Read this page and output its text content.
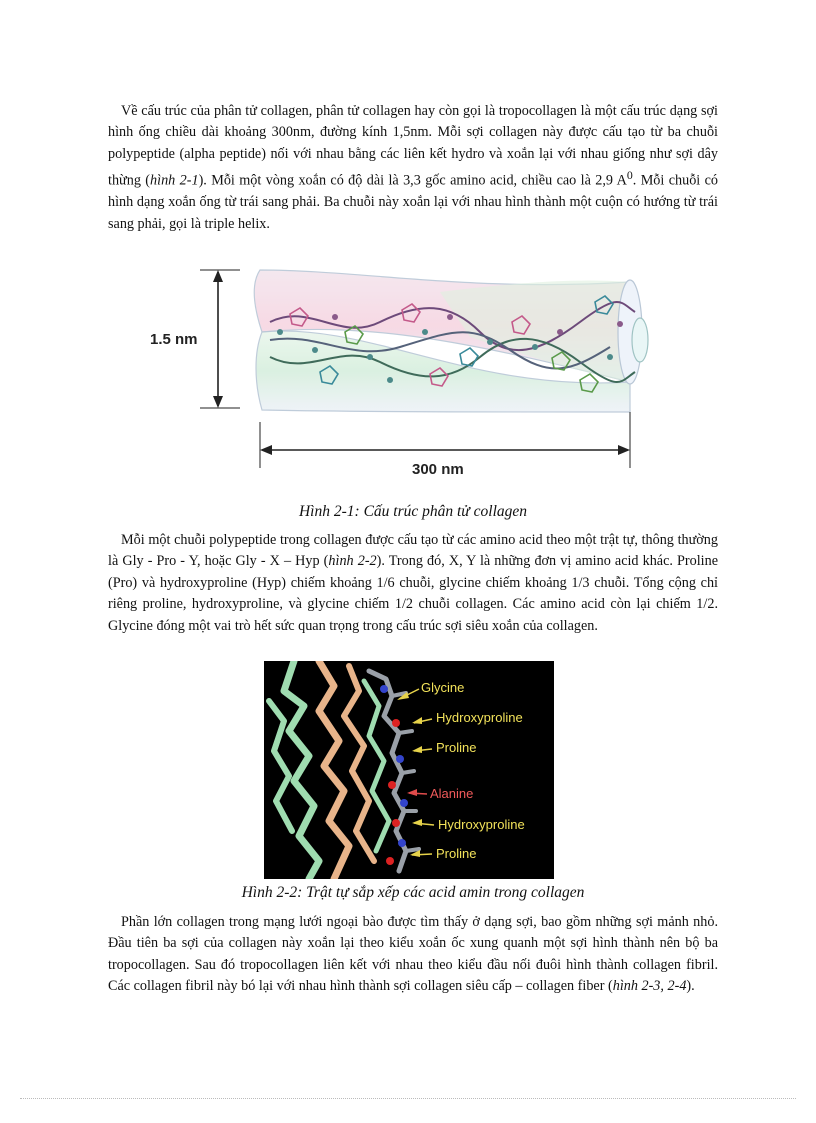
Về cấu trúc của phân tử collagen, phân tử collagen hay còn gọi là tropocollagen là một cấu trúc dạng sợi hình ống chiều dài khoảng 300nm, đường kính 1,5nm. Mỗi sợi collagen này được cấu tạo từ ba chuỗi polypeptide (alpha peptide) nối với nhau bằng các liên kết hydro và xoắn lại với nhau giống như sợi dây thừng (hình 2-1). Mỗi một vòng xoắn có độ dài là 3,3 gốc amino acid, chiều cao là 2,9 $A^0$. Mỗi chuỗi có hình dạng xoắn ống từ trái sang phải. Ba chuỗi này xoắn lại với nhau hình thành một cuộn có hướng từ trái sang phải, gọi là triple helix.

1.5 nm
300 nm

Hình 2-1: Cấu trúc phân tử collagen

Mỗi một chuỗi polypeptide trong collagen được cấu tạo từ các amino acid theo một trật tự, thông thường là Gly - Pro - Y, hoặc Gly - X – Hyp (hình 2-2). Trong đó, X, Y là những đơn vị amino acid khác. Proline (Pro) và hydroxyproline (Hyp) chiếm khoảng 1/6 chuỗi, glycine chiếm khoảng 1/3 chuỗi. Tổng cộng chỉ riêng proline, hydroxyproline, và glycine chiếm 1/2 chuỗi collagen. Các amino acid còn lại chiếm 1/2. Glycine đóng một vai trò hết sức quan trọng trong cấu trúc sợi siêu xoắn của collagen.

Glycine
Hydroxyproline
Proline
Alanine
Hydroxyproline
Proline

Hình 2-2: Trật tự sắp xếp các acid amin trong collagen

Phần lớn collagen trong mạng lưới ngoại bào được tìm thấy ở dạng sợi, bao gồm những sợi mảnh nhỏ. Đầu tiên ba sợi của collagen này xoắn lại theo kiểu xoắn ốc xung quanh một sợi hình thành nên bộ ba tropocollagen. Sau đó tropocollagen liên kết với nhau theo kiểu đầu nối đuôi hình thành collagen fibril. Các collagen fibril này bó lại với nhau hình thành sợi collagen siêu cấp – collagen fiber (hình 2-3, 2-4).
